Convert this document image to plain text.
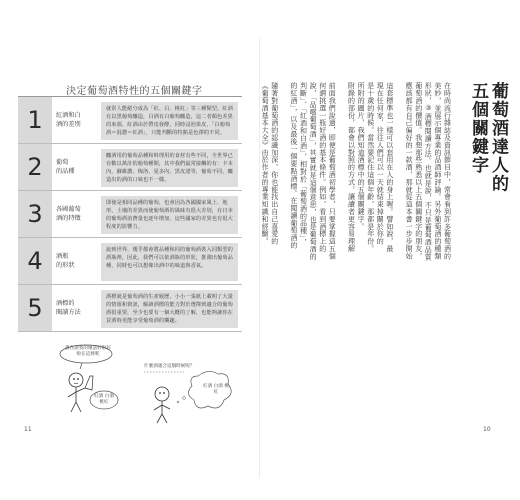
決定葡萄酒特性的五個關鍵字
1 紅酒和白
酒的差別
就常人能絕分成為「紅、白、桃紅」等三種類型。紅酒有以黑葡萄釀造，白酒有白葡萄釀造，這二者顏色差異的來源，紅酒由於帶皮發酵，同時浸泡果皮，「白葡萄酒＝混濃＝紅酒」，只能判斷的特點是色澤的不同。
2 葡萄
的品種
釀酒用的葡萄品種和料理用的食材有些不同，全世界已有數以萬計的葡萄種類，其中我們最常接觸的有：卡本內、蘇維濃、梅洛、夏多內、黑皮諾等，葡萄不同，釀造出的酒的口味也不一樣。
3 各國葡萄
酒的特徵
即使是相同品種的葡萄，也會因為各國國家風土、地形，土壤的差異而使葡萄酒的風味有很大差別，在日本的葡萄酒消費量也逐年增加，這些國家的差異也有很大程度的影響力。
4 酒瓶
的形狀
說到世界，幾乎都會將品種和同的葡萄酒裝入同類型的酒瓶裡，因此，我們可以依酒瓶的形狀，推測出葡萄品種，同時也可以想像出酒中的味道與香氣。
5 酒標的
閱讀方法
酒標就是葡萄酒的生產履歷，小小一張紙上載明了大量的情報和資訊，解讀酒標的能力對於選擇到適合的葡萄酒很重要，至少也要有一個大概的了解，也能夠讓你在買酒時更能享受葡萄酒的樂趣。
誰在說我的壞話好啦好啦在這裡呢
紅酒 白酒 桃紅
什麼酒適合這個時候呢？
紅酒 白酒 桃紅
11
葡萄酒達人的
五個關鍵字
在時尚流行雜誌及資訊節目中，常會看到許多葡萄酒的
美妙，並展示個專業的品酒師評論。另外葡萄酒的種類
形狀，③酒標閱讀方法。也就是說，不只是葡萄酒品質
葡萄酒的價值。我想那些熟悉以上五個關鍵字的朋友，
應該都有自己偏好的一款酒，那就從這本書一步步開始
這套標準也一樣可以套用在人的身上喔。譬如說，最
現在任何家，往往人們可以一天就結束掉關於你的
是十歲的時候。當然要記住這個年齡，那都是年份。
所附的圖片，我們知道酒標中的五個關鍵字。
附錄的部份，都會以對照的方式，讓讀者更容易理解
前面我們說過，即便是葡萄酒初學者，只要掌握這五個
何謂挑選一瓶好酒的基本條件。例如，看到酒標上的
說，「品嚐葡萄酒」，其實就是這個意思，也是葡萄酒的
判斷」、「紅酒和白酒」，相對於「葡萄酒的品種」，
的紅酒」，以及最後一個要點酒標。在閱讀葡萄酒的
隨著對葡萄酒的認識加深，你也能找出自己喜愛的
《葡萄酒基本大全》由於作者的專業知識和經驗。
10
